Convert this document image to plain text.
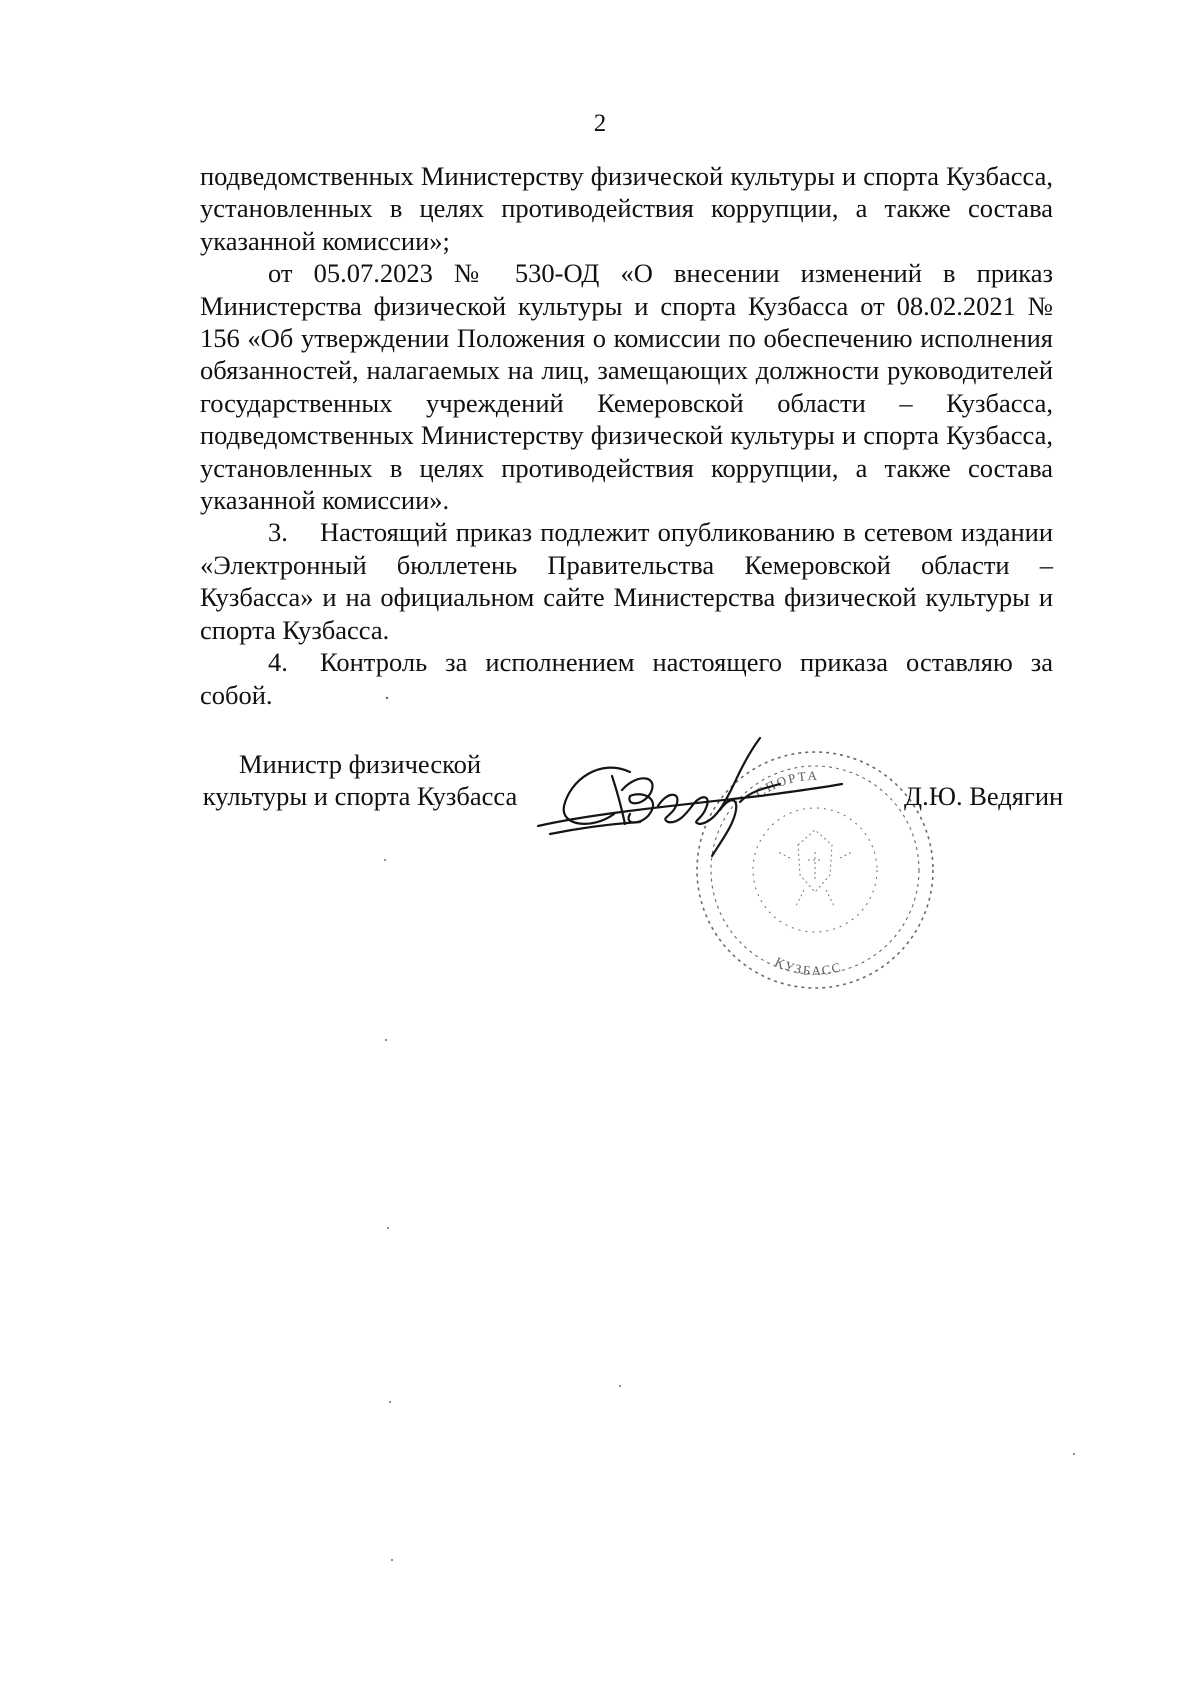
2

подведомственных Министерству физической культуры и спорта Кузбасса, установленных в целях противодействия коррупции, а также состава указанной комиссии»;

от 05.07.2023 № 530-ОД «О внесении изменений в приказ Министерства физической культуры и спорта Кузбасса от 08.02.2021 № 156 «Об утверждении Положения о комиссии по обеспечению исполнения обязанностей, налагаемых на лиц, замещающих должности руководителей государственных учреждений Кемеровской области – Кузбасса, подведомственных Министерству физической культуры и спорта Кузбасса, установленных в целях противодействия коррупции, а также состава указанной комиссии».

3. Настоящий приказ подлежит опубликованию в сетевом издании «Электронный бюллетень Правительства Кемеровской области – Кузбасса» и на официальном сайте Министерства физической культуры и спорта Кузбасса.

4. Контроль за исполнением настоящего приказа оставляю за собой.

Министр физической
культуры и спорта Кузбасса	СПОРТА
КУЗБАСС
Д.Ю. Ведягин
